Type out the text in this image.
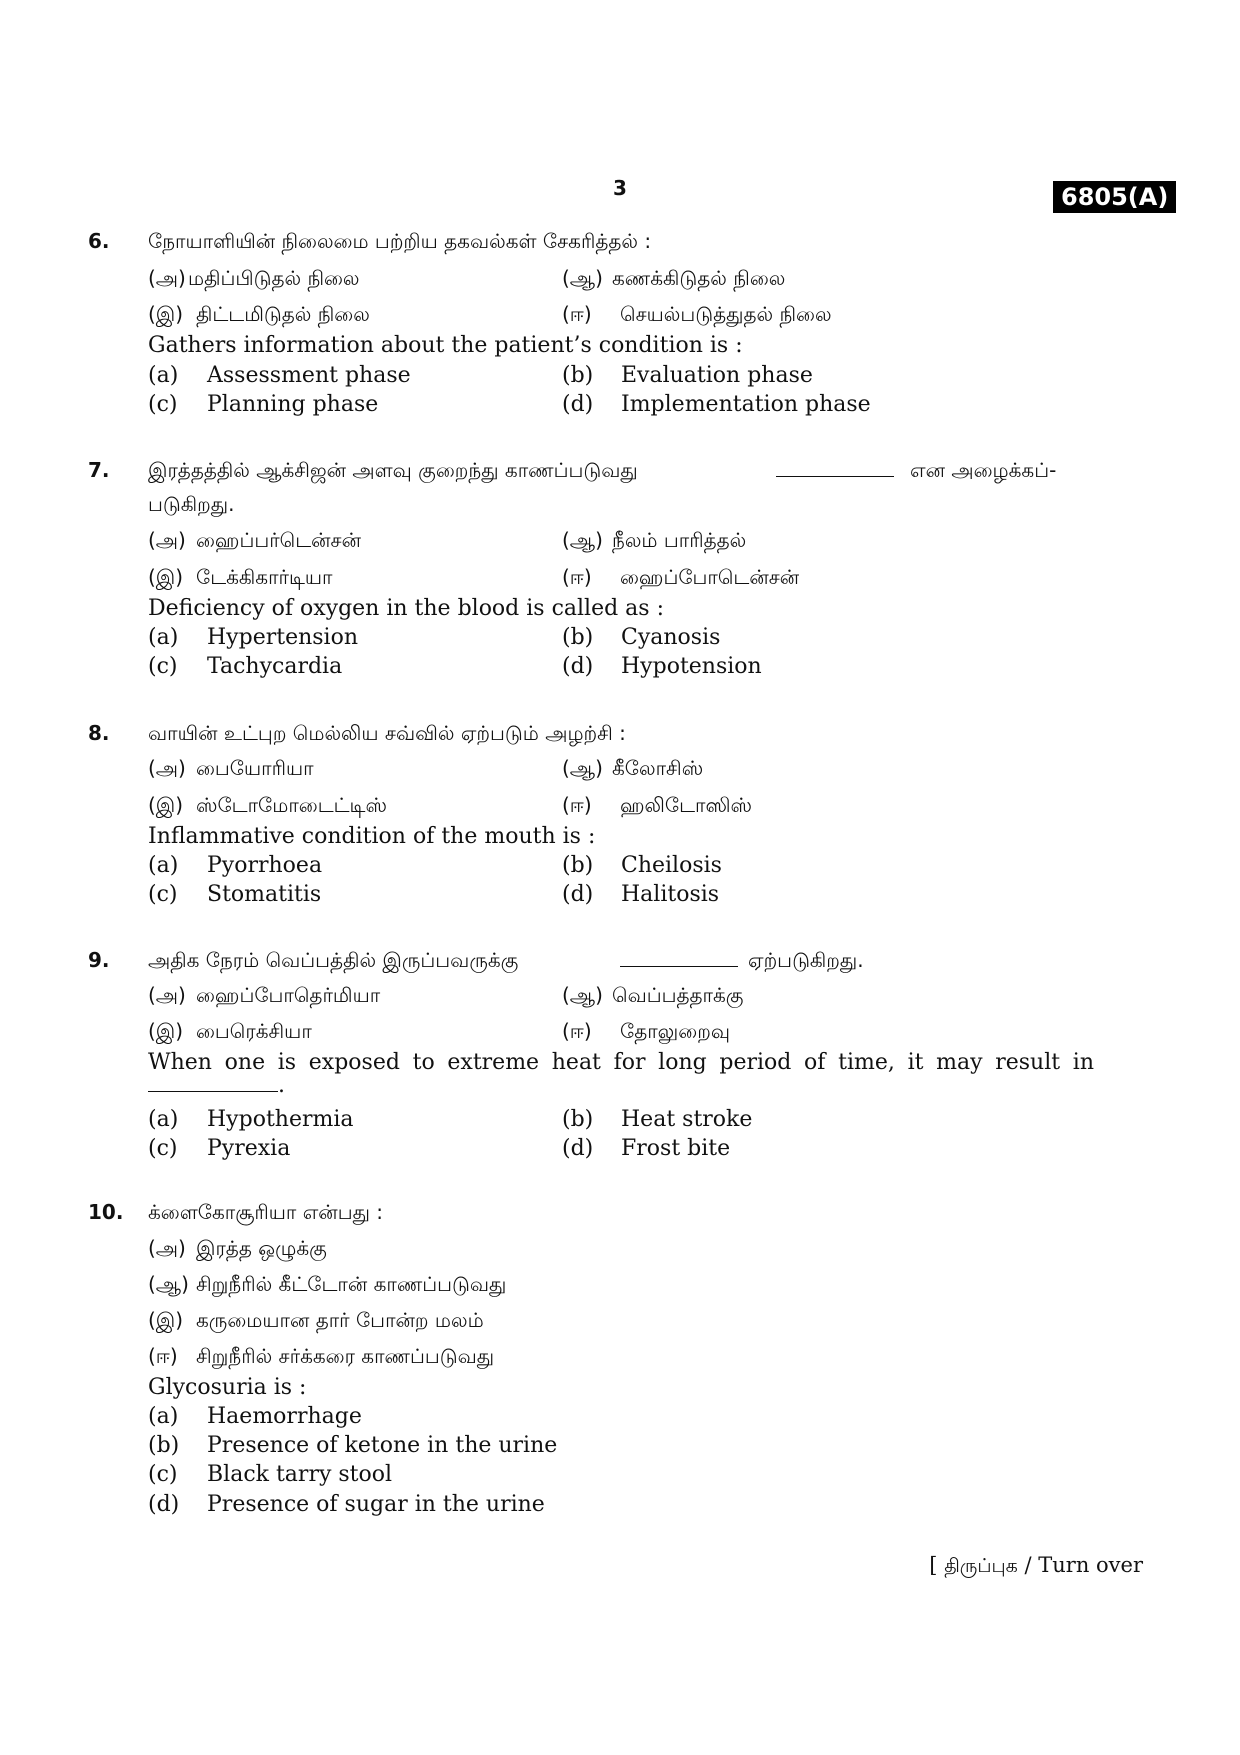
3	6805(A)
6. நோயாளியின் நிலைமை பற்றிய தகவல்கள் சேகரித்தல் :
(அ) மதிப்பிடுதல் நிலை	(ஆ) கணக்கிடுதல் நிலை
(இ) திட்டமிடுதல் நிலை	(ஈ) செயல்படுத்துதல் நிலை
Gathers information about the patient’s condition is :
(a) Assessment phase	(b) Evaluation phase
(c) Planning phase	(d) Implementation phase
7. இரத்தத்தில் ஆக்சிஜன் அளவு குறைந்து காணப்படுவது	என அழைக்கப்-
படுகிறது.
(அ) ஹைப்பர்டென்சன்	(ஆ) நீலம் பாரித்தல்
(இ) டேக்கிகார்டியா	(ஈ) ஹைப்போடென்சன்
Deficiency of oxygen in the blood is called as :
(a) Hypertension	(b) Cyanosis
(c) Tachycardia	(d) Hypotension
8. வாயின் உட்புற மெல்லிய சவ்வில் ஏற்படும் அழற்சி :
(அ) பையோரியா	(ஆ) கீலோசிஸ்
(இ) ஸ்டோமோடைட்டிஸ்	(ஈ) ஹலிடோஸிஸ்
Inflammative condition of the mouth is :
(a) Pyorrhoea	(b) Cheilosis
(c) Stomatitis	(d) Halitosis
9. அதிக நேரம் வெப்பத்தில் இருப்பவருக்கு	ஏற்படுகிறது.
(அ) ஹைப்போதெர்மியா	(ஆ) வெப்பத்தாக்கு
(இ) பைரெக்சியா	(ஈ) தோலுறைவு
When one is exposed to extreme heat for long period of time, it may result in
.
(a) Hypothermia	(b) Heat stroke
(c) Pyrexia	(d) Frost bite
10. க்ளைகோசூரியா என்பது :
(அ) இரத்த ஒழுக்கு
(ஆ) சிறுநீரில் கீட்டோன் காணப்படுவது
(இ) கருமையான தார் போன்ற மலம்
(ஈ) சிறுநீரில் சர்க்கரை காணப்படுவது
Glycosuria is :
(a) Haemorrhage
(b) Presence of ketone in the urine
(c) Black tarry stool
(d) Presence of sugar in the urine
[ திருப்புக / Turn over
